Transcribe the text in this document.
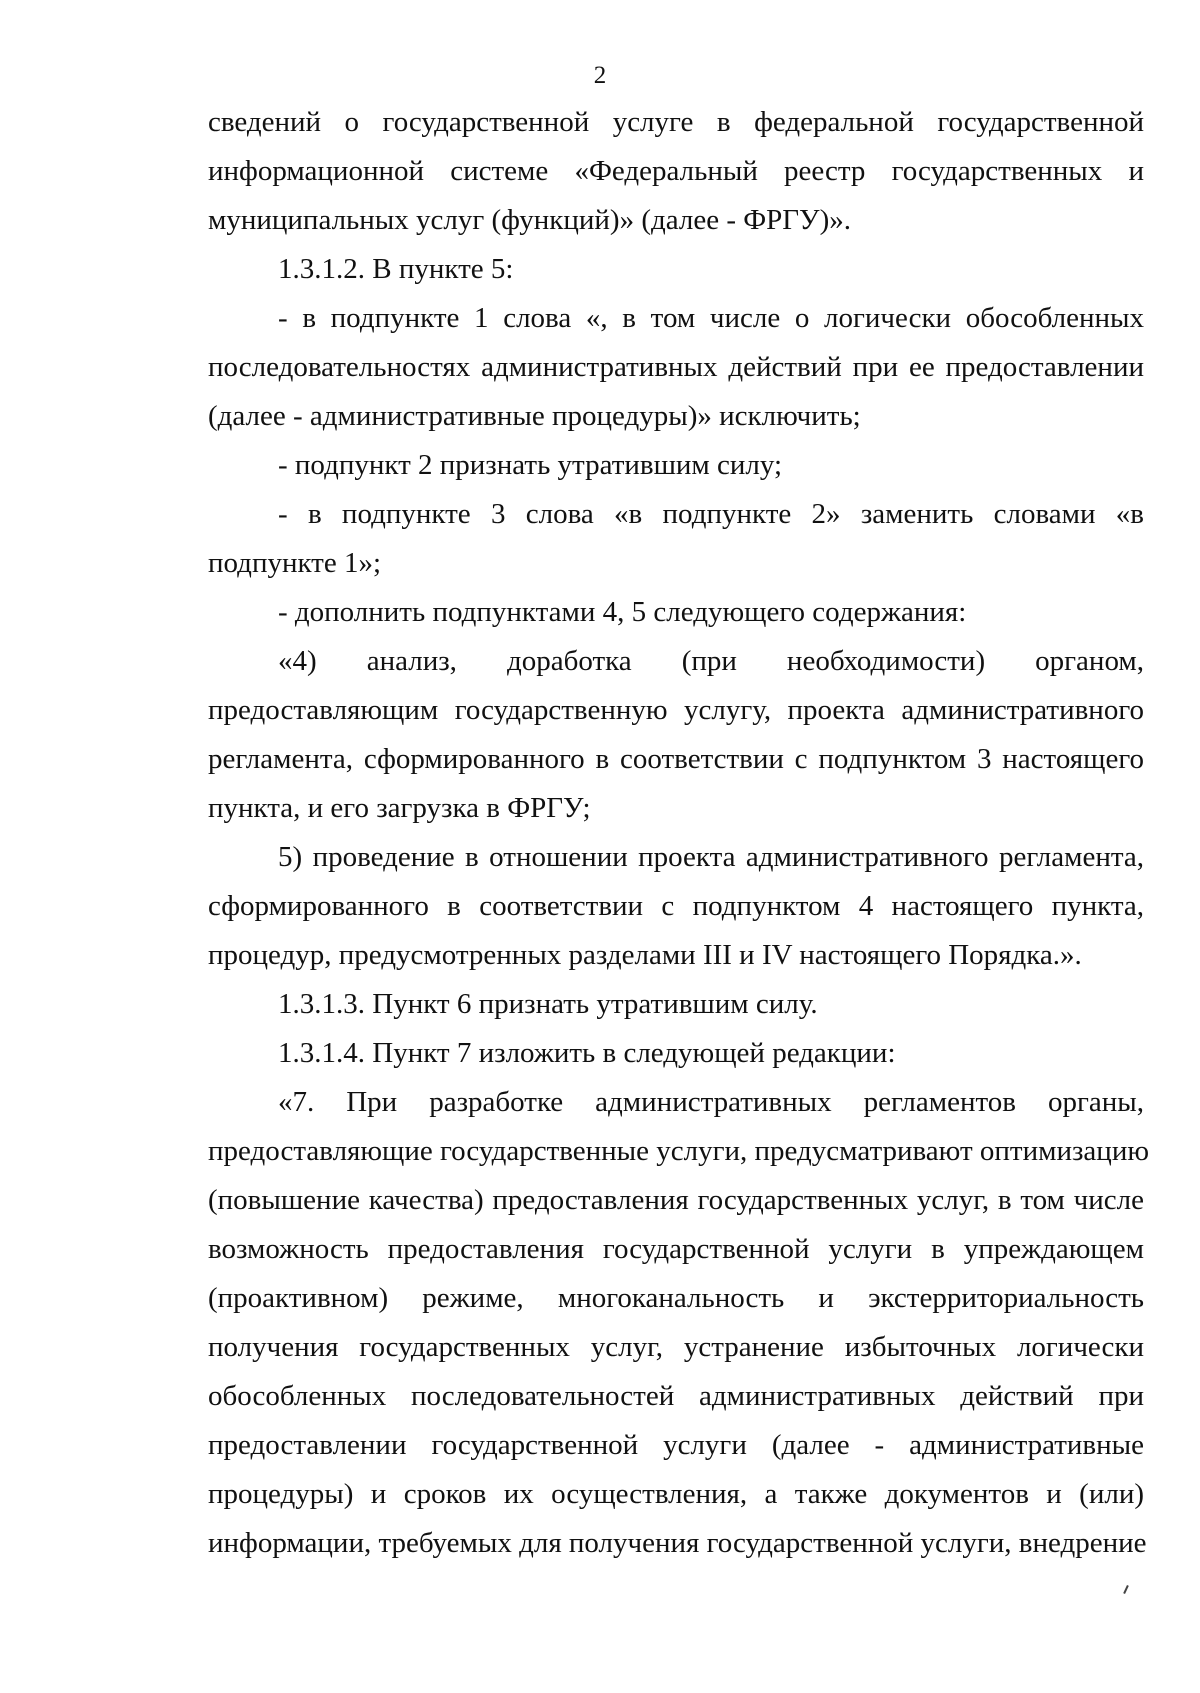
2
сведений о государственной услуге в федеральной государственной
информационной системе «Федеральный реестр государственных и
муниципальных услуг (функций)» (далее - ФРГУ)».
1.3.1.2. В пункте 5:
- в подпункте 1 слова «, в том числе о логически обособленных
последовательностях административных действий при ее предоставлении
(далее - административные процедуры)» исключить;
- подпункт 2 признать утратившим силу;
- в подпункте 3 слова «в подпункте 2» заменить словами «в
подпункте 1»;
- дополнить подпунктами 4, 5 следующего содержания:
«4) анализ, доработка (при необходимости) органом,
предоставляющим государственную услугу, проекта административного
регламента, сформированного в соответствии с подпунктом 3 настоящего
пункта, и его загрузка в ФРГУ;
5) проведение в отношении проекта административного регламента,
сформированного в соответствии с подпунктом 4 настоящего пункта,
процедур, предусмотренных разделами III и IV настоящего Порядка.».
1.3.1.3. Пункт 6 признать утратившим силу.
1.3.1.4. Пункт 7 изложить в следующей редакции:
«7. При разработке административных регламентов органы,
предоставляющие государственные услуги, предусматривают оптимизацию
(повышение качества) предоставления государственных услуг, в том числе
возможность предоставления государственной услуги в упреждающем
(проактивном) режиме, многоканальность и экстерриториальность
получения государственных услуг, устранение избыточных логически
обособленных последовательностей административных действий при
предоставлении государственной услуги (далее - административные
процедуры) и сроков их осуществления, а также документов и (или)
информации, требуемых для получения государственной услуги, внедрение
